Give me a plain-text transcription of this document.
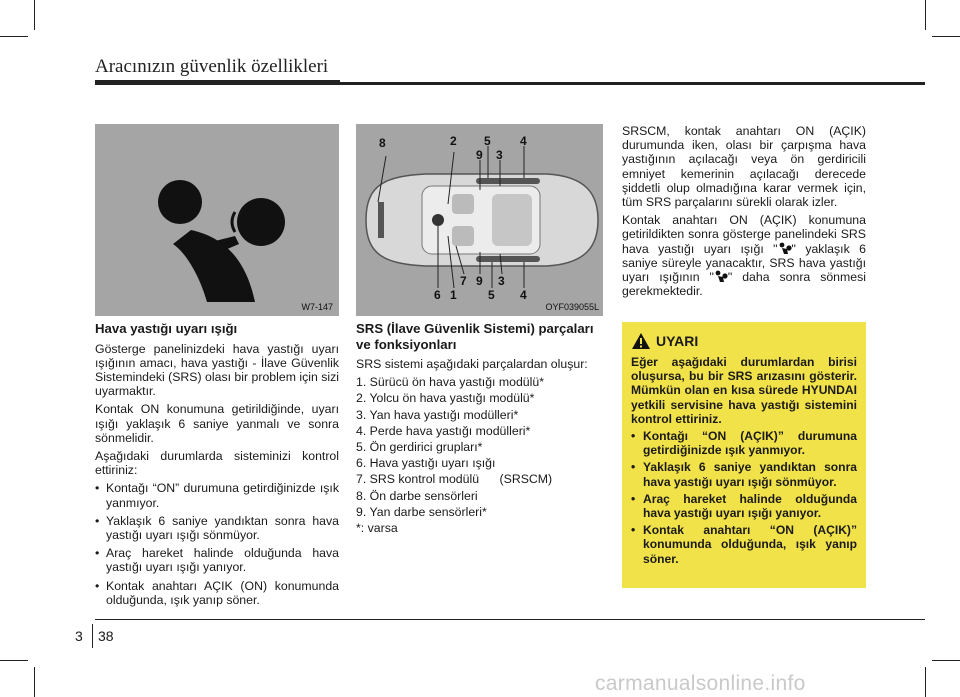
Aracınızın güvenlik özellikleri
W7-147
8	2 5 4
9 3
6 1
7 9
5
3
4
OYF039055L
Hava yastığı uyarı ışığı

Gösterge panelinizdeki hava yastığı uyarı ışığının amacı, hava yastığı - İlave Güvenlik Sistemindeki (SRS) olası bir problem için sizi uyarmaktır.

Kontak ON konumuna getirildiğinde, uyarı ışığı yaklaşık 6 saniye yanmalı ve sonra sönmelidir.

Aşağıdaki durumlarda sisteminizi kontrol ettiriniz:

• Kontağı “ON” durumuna getirdiğinizde ışık yanmıyor.
• Yaklaşık 6 saniye yandıktan sonra hava yastığı uyarı ışığı sönmüyor.
• Araç hareket halinde olduğunda hava yastığı uyarı ışığı yanıyor.
• Kontak anahtarı AÇIK (ON) konumunda olduğunda, ışık yanıp söner.
SRS (İlave Güvenlik Sistemi) parçaları ve fonksiyonları

SRS sistemi aşağıdaki parçalardan oluşur:

1. Sürücü ön hava yastığı modülü*
2. Yolcu ön hava yastığı modülü*
3. Yan hava yastığı modülleri*
4. Perde hava yastığı modülleri*
5. Ön gerdirici grupları*
6. Hava yastığı uyarı ışığı
7. SRS kontrol modülü      (SRSCM)
8. Ön darbe sensörleri
9. Yan darbe sensörleri*

*: varsa

SRSCM, kontak anahtarı ON (AÇIK) durumunda iken, olası bir çarpışma hava yastığının açılacağı veya ön gerdiricili emniyet kemerinin açılacağı derecede şiddetli olup olmadığına karar vermek için, tüm SRS parçalarını sürekli olarak izler.

Kontak anahtarı ON (AÇIK) konumuna getirildikten sonra gösterge panelindeki SRS hava yastığı uyarı ışığı " " yaklaşık 6 saniye süreyle yanacaktır, SRS hava yastığı uyarı ışığının " " daha sonra sönmesi gerekmektedir.

UYARI

Eğer aşağıdaki durumlardan birisi oluşursa, bu bir SRS arızasını gösterir. Mümkün olan en kısa sürede HYUNDAI yetkili servisine hava yastığı sistemini kontrol ettiriniz.

• Kontağı “ON (AÇIK)” durumuna getirdiğinizde ışık yanmıyor.
• Yaklaşık 6 saniye yandıktan sonra hava yastığı uyarı ışığı sönmüyor.
• Araç hareket halinde olduğunda hava yastığı uyarı ışığı yanıyor.
• Kontak anahtarı “ON (AÇIK)” konumunda olduğunda, ışık yanıp söner.
3 38
carmanualsonline.info
